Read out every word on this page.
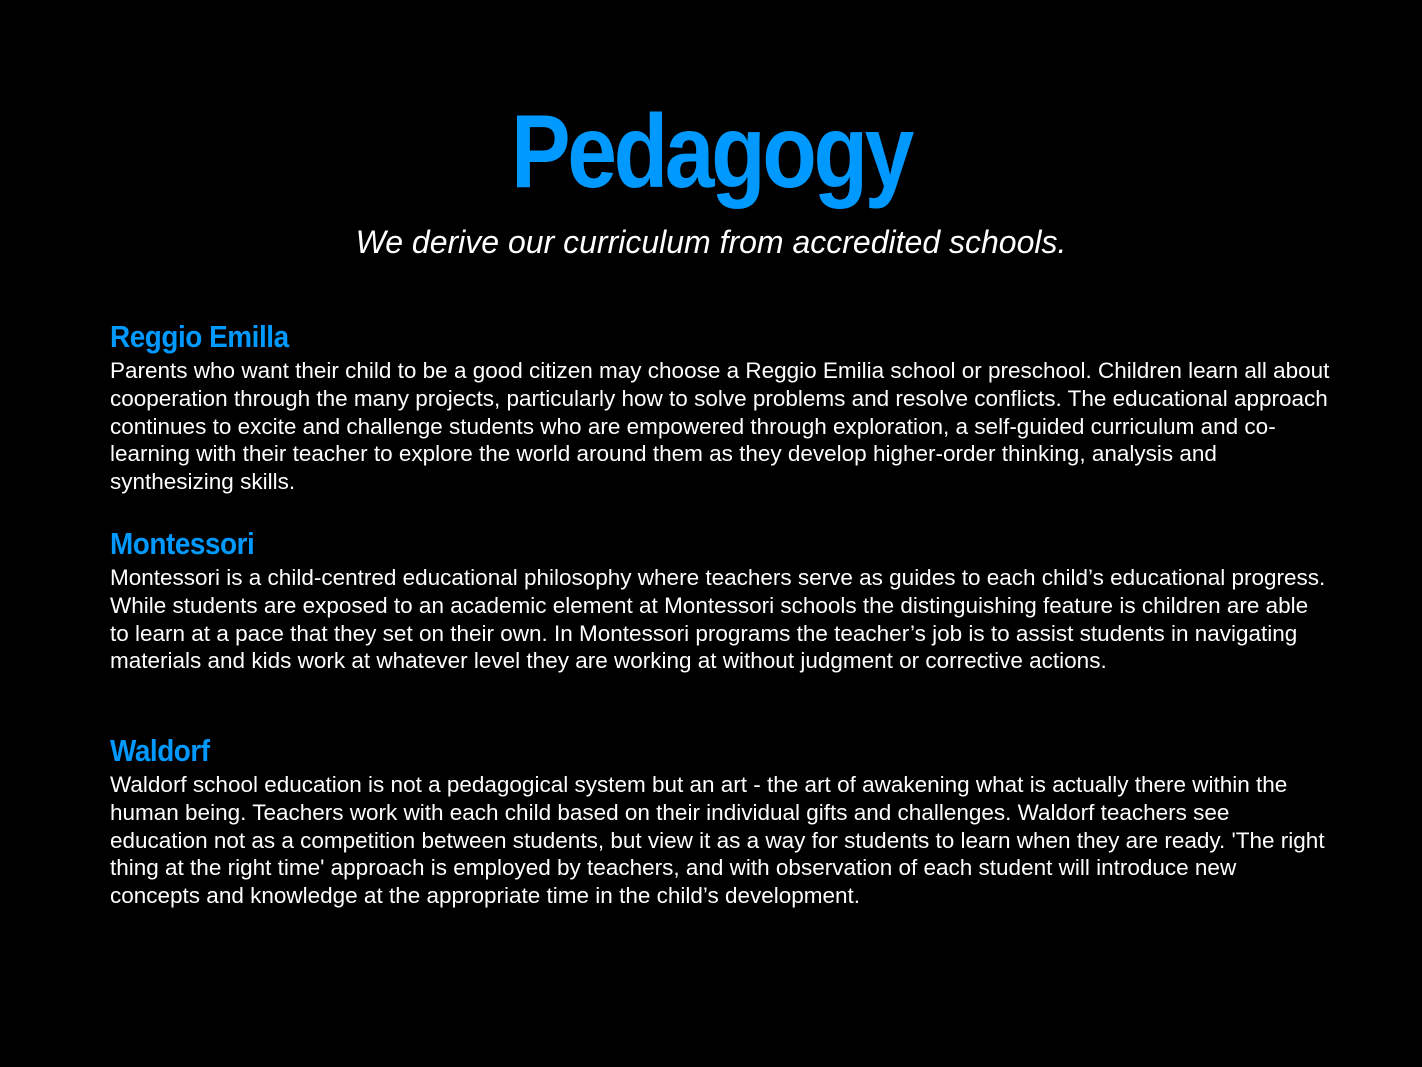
Pedagogy
We derive our curriculum from accredited schools.
Reggio Emilla
Parents who want their child to be a good citizen may choose a Reggio Emilia school or preschool. Children learn all about cooperation through the many projects, particularly how to solve problems and resolve conflicts. The educational approach continues to excite and challenge students who are empowered through exploration, a self-guided curriculum and co-learning with their teacher to explore the world around them as they develop higher-order thinking, analysis and synthesizing skills.
Montessori
Montessori is a child-centred educational philosophy where teachers serve as guides to each child’s educational progress. While students are exposed to an academic element at Montessori schools the distinguishing feature is children are able to learn at a pace that they set on their own. In Montessori programs the teacher’s job is to assist students in navigating materials and kids work at whatever level they are working at without judgment or corrective actions.
Waldorf
Waldorf school education is not a pedagogical system but an art - the art of awakening what is actually there within the human being. Teachers work with each child based on their individual gifts and challenges. Waldorf teachers see education not as a competition between students, but view it as a way for students to learn when they are ready. 'The right thing at the right time' approach is employed by teachers, and with observation of each student will introduce new concepts and knowledge at the appropriate time in the child’s development.
